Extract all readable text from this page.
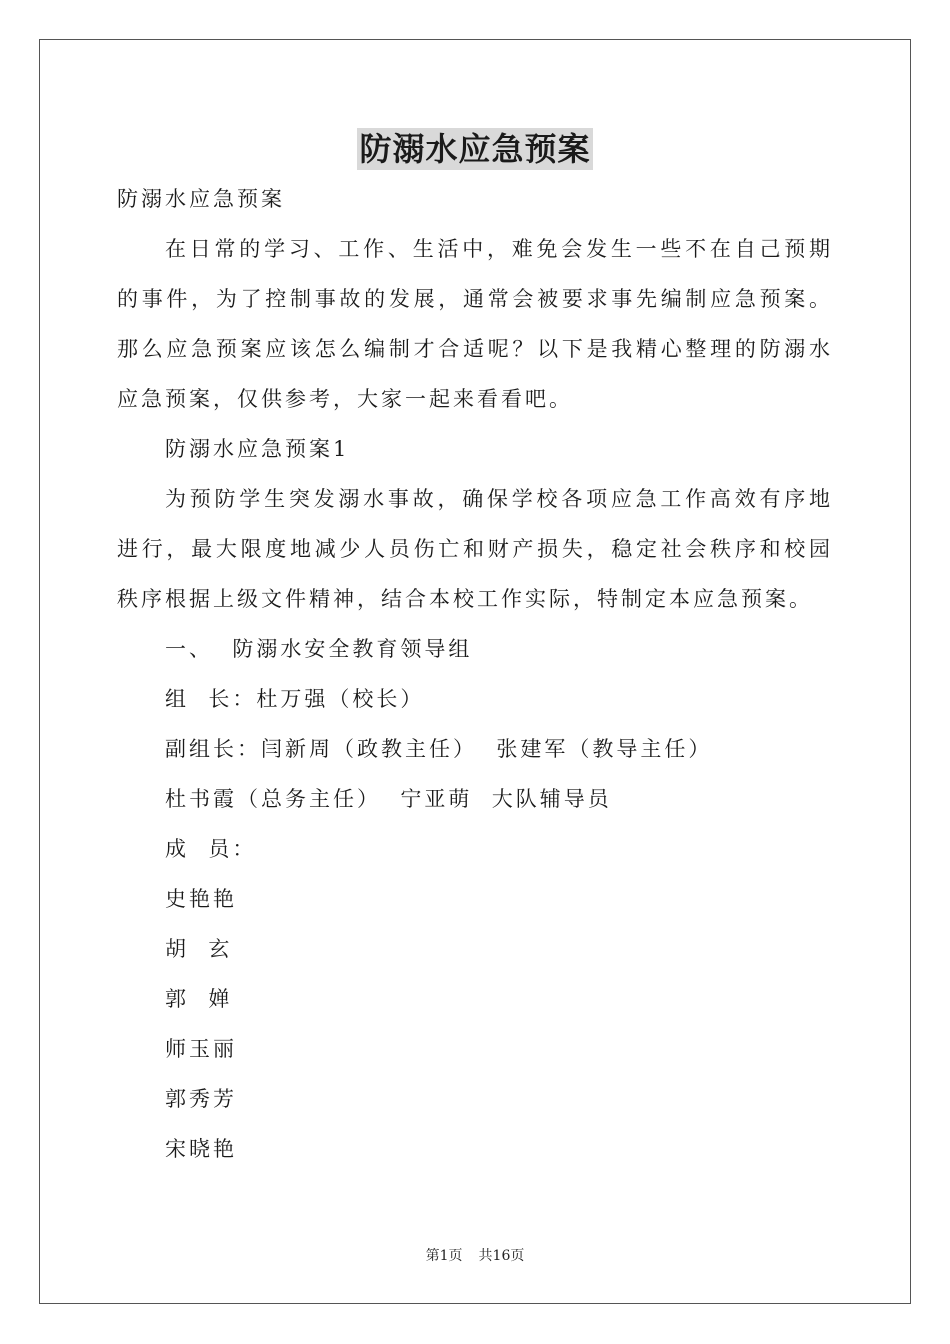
防溺水应急预案

防溺水应急预案

在日常的学习、工作、生活中，难免会发生一些不在自己预期的事件，为了控制事故的发展，通常会被要求事先编制应急预案。那么应急预案应该怎么编制才合适呢？以下是我精心整理的防溺水应急预案，仅供参考，大家一起来看看吧。

防溺水应急预案1

为预防学生突发溺水事故，确保学校各项应急工作高效有序地进行，最大限度地减少人员伤亡和财产损失，稳定社会秩序和校园秩序根据上级文件精神，结合本校工作实际，特制定本应急预案。

一、  防溺水安全教育领导组

组  长：杜万强（校长）

副组长：闫新周（政教主任）  张建军（教导主任）

杜书霞（总务主任）  宁亚萌  大队辅导员

成  员：

史艳艳

胡  玄

郭  婵

师玉丽

郭秀芳

宋晓艳

第1页 共16页
